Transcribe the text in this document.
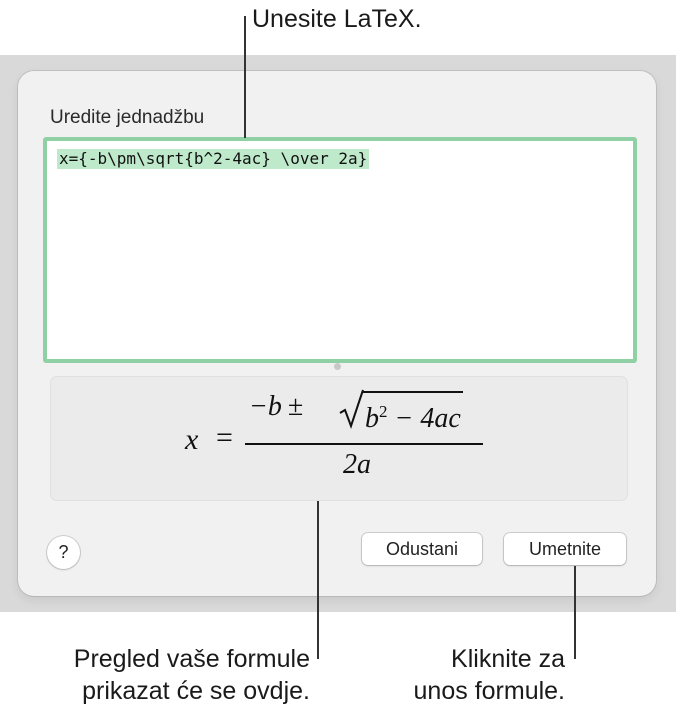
Uredite jednadžbu
x={-b\pm\sqrt{b^2-4ac} \over 2a}
x =
$-b \pm b^2 - 4ac$
2a
?	Odustani	Umetnite
Unesite LaTeX.
Pregled vaše formule
prikazat će se ovdje.
Kliknite za
unos formule.
